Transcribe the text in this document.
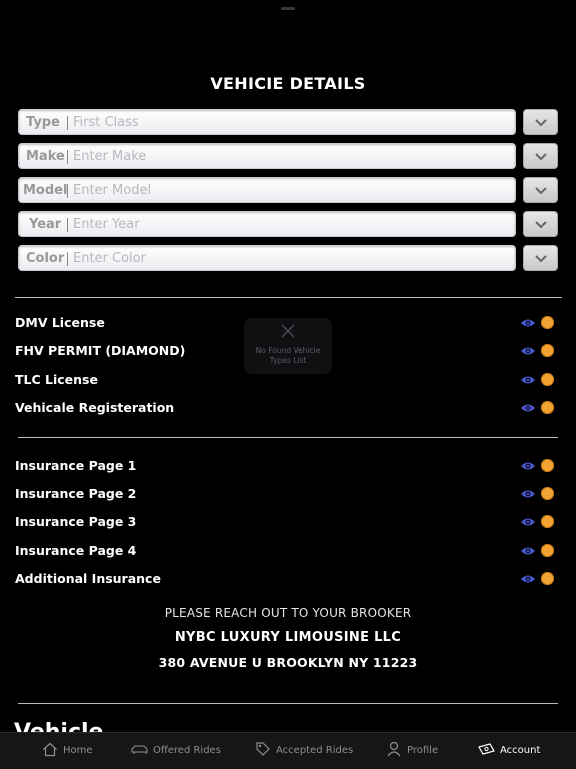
VEHICIE DETAILS
Type First Class
Make Enter Make
Model Enter Model
Year Enter Year
Color Enter Color
DMV License
FHV PERMIT (DIAMOND)
TLC License
Vehicale Registeration
Insurance Page 1
Insurance Page 2
Insurance Page 3
Insurance Page 4
Additional Insurance
No Found Vehicle Types List
PLEASE REACH OUT TO YOUR BROOKER
NYBC LUXURY LIMOUSINE LLC
380 AVENUE U BROOKLYN NY 11223
Home	Offered Rides	Accepted Rides	Profile	Account
